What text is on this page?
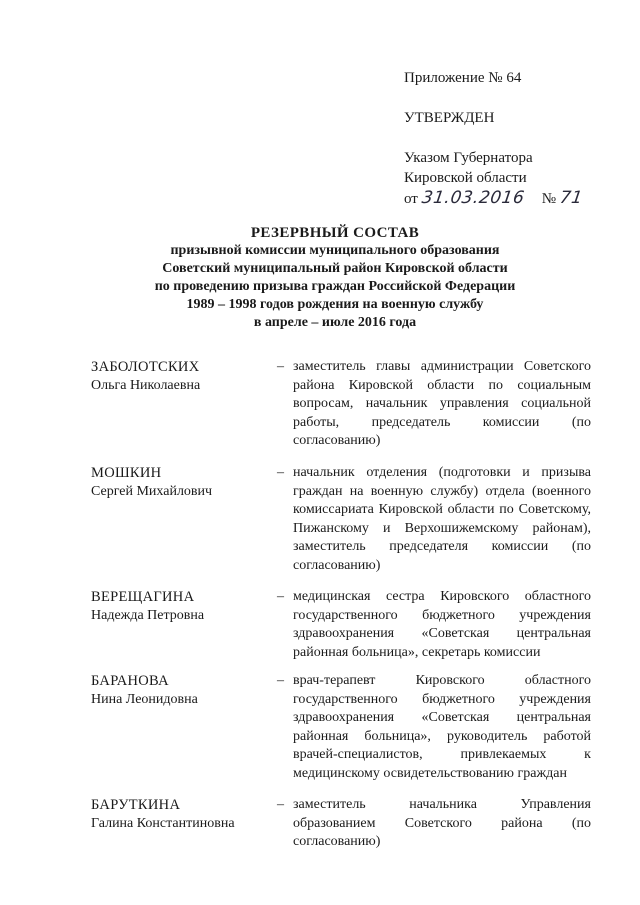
Приложение № 64
УТВЕРЖДЕН
Указом Губернатора
Кировской области
от 31.03.2016 № 71
РЕЗЕРВНЫЙ СОСТАВ
призывной комиссии муниципального образования
Советский муниципальный район Кировской области
по проведению призыва граждан Российской Федерации
1989 – 1998 годов рождения на военную службу
в апреле – июле 2016 года
ЗАБОЛОТСКИХ
Ольга Николаевна
– заместитель главы администрации Советского района Кировской области по социальным вопросам, начальник управления социальной работы, председатель комиссии (по согласованию)
МОШКИН
Сергей Михайлович
– начальник отделения (подготовки и призыва граждан на военную службу) отдела (военного комиссариата Кировской области по Советскому, Пижанскому и Верхошижемскому районам), заместитель председателя комиссии (по согласованию)
ВЕРЕЩАГИНА
Надежда Петровна
– медицинская сестра Кировского областного государственного бюджетного учреждения здравоохранения «Советская центральная районная больница», секретарь комиссии
БАРАНОВА
Нина Леонидовна
– врач-терапевт Кировского областного государственного бюджетного учреждения здравоохранения «Советская центральная районная больница», руководитель работой врачей-специалистов, привлекаемых к медицинскому освидетельствованию граждан
БАРУТКИНА
Галина Константиновна
– заместитель начальника Управления образованием Советского района (по согласованию)
